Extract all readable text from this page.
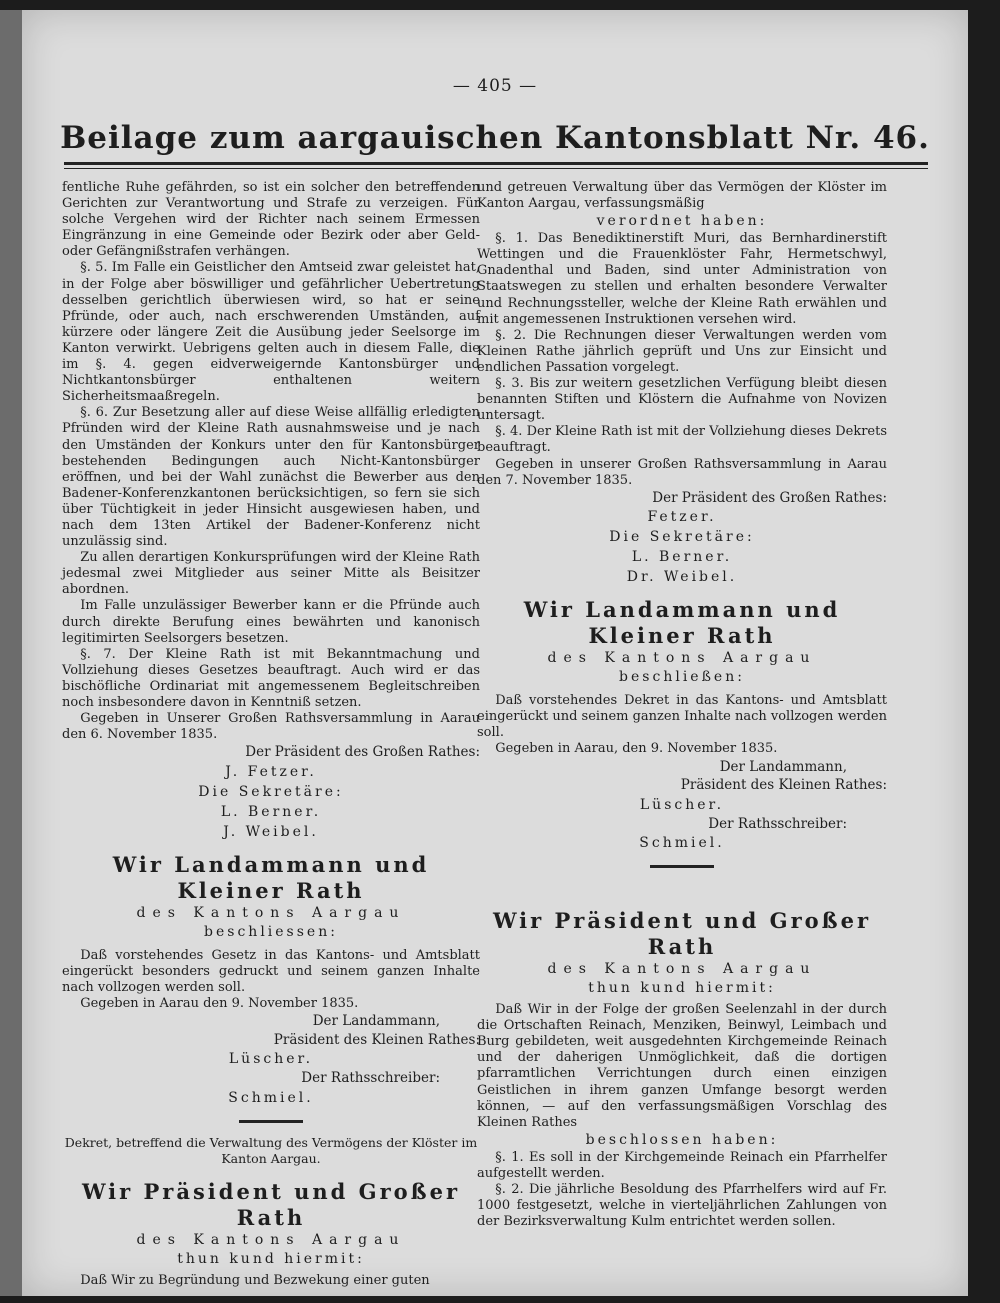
— 405 —
Beilage zum aargauischen Kantonsblatt Nr. 46.

fentliche Ruhe gefährden, so ist ein solcher den betreffenden Gerichten zur Verantwortung und Strafe zu verzeigen. Für solche Vergehen wird der Richter nach seinem Ermessen Eingränzung in eine Gemeinde oder Bezirk oder aber Geld- oder Gefängnißstrafen verhängen.

§. 5. Im Falle ein Geistlicher den Amtseid zwar geleistet hat, in der Folge aber böswilliger und gefährlicher Uebertretung desselben gerichtlich überwiesen wird, so hat er seine Pfründe, oder auch, nach erschwerenden Umständen, auf kürzere oder längere Zeit die Ausübung jeder Seelsorge im Kanton verwirkt. Uebrigens gelten auch in diesem Falle, die im §. 4. gegen eidverweigernde Kantonsbürger und Nichtkantonsbürger enthaltenen weitern Sicherheitsmaaßregeln.

§. 6. Zur Besetzung aller auf diese Weise allfällig erledigten Pfründen wird der Kleine Rath ausnahmsweise und je nach den Umständen der Konkurs unter den für Kantonsbürger bestehenden Bedingungen auch Nicht-Kantonsbürger eröffnen, und bei der Wahl zunächst die Bewerber aus den Badener-Konferenzkantonen berücksichtigen, so fern sie sich über Tüchtigkeit in jeder Hinsicht ausgewiesen haben, und nach dem 13ten Artikel der Badener-Konferenz nicht unzulässig sind.

Zu allen derartigen Konkursprüfungen wird der Kleine Rath jedesmal zwei Mitglieder aus seiner Mitte als Beisitzer abordnen.

Im Falle unzulässiger Bewerber kann er die Pfründe auch durch direkte Berufung eines bewährten und kanonisch legitimirten Seelsorgers besetzen.

§. 7. Der Kleine Rath ist mit Bekanntmachung und Vollziehung dieses Gesetzes beauftragt. Auch wird er das bischöfliche Ordinariat mit angemessenem Begleitschreiben noch insbesondere davon in Kenntniß setzen.

Gegeben in Unserer Großen Rathsversammlung in Aarau den 6. November 1835.

Der Präsident des Großen Rathes:

J. Fetzer.

Die Sekretäre:

L. Berner.

J. Weibel.

Wir Landammann und Kleiner Rath

des Kantons Aargau

beschliessen:

Daß vorstehendes Gesetz in das Kantons- und Amtsblatt eingerückt besonders gedruckt und seinem ganzen Inhalte nach vollzogen werden soll.

Gegeben in Aarau den 9. November 1835.

Der Landammann,

Präsident des Kleinen Rathes:

Lüscher.

Der Rathsschreiber:

Schmiel.

Dekret, betreffend die Verwaltung des Vermögens der Klöster im Kanton Aargau.

Wir Präsident und Großer Rath

des Kantons Aargau

thun kund hiermit:

Daß Wir zu Begründung und Bezwekung einer guten

und getreuen Verwaltung über das Vermögen der Klöster im Kanton Aargau, verfassungsmäßig

verordnet haben:

§. 1. Das Benediktinerstift Muri, das Bernhardinerstift Wettingen und die Frauenklöster Fahr, Hermetschwyl, Gnadenthal und Baden, sind unter Administration von Staatswegen zu stellen und erhalten besondere Verwalter und Rechnungssteller, welche der Kleine Rath erwählen und mit angemessenen Instruktionen versehen wird.

§. 2. Die Rechnungen dieser Verwaltungen werden vom Kleinen Rathe jährlich geprüft und Uns zur Einsicht und endlichen Passation vorgelegt.

§. 3. Bis zur weitern gesetzlichen Verfügung bleibt diesen benannten Stiften und Klöstern die Aufnahme von Novizen untersagt.

§. 4. Der Kleine Rath ist mit der Vollziehung dieses Dekrets beauftragt.

Gegeben in unserer Großen Rathsversammlung in Aarau den 7. November 1835.

Der Präsident des Großen Rathes:

Fetzer.

Die Sekretäre:

L. Berner.

Dr. Weibel.

Wir Landammann und Kleiner Rath

des Kantons Aargau

beschließen:

Daß vorstehendes Dekret in das Kantons- und Amtsblatt eingerückt und seinem ganzen Inhalte nach vollzogen werden soll.

Gegeben in Aarau, den 9. November 1835.

Der Landammann,

Präsident des Kleinen Rathes:

Lüscher.

Der Rathsschreiber:

Schmiel.

Wir Präsident und Großer Rath

des Kantons Aargau

thun kund hiermit:

Daß Wir in der Folge der großen Seelenzahl in der durch die Ortschaften Reinach, Menziken, Beinwyl, Leimbach und Burg gebildeten, weit ausgedehnten Kirchgemeinde Reinach und der daherigen Unmöglichkeit, daß die dortigen pfarramtlichen Verrichtungen durch einen einzigen Geistlichen in ihrem ganzen Umfange besorgt werden können, — auf den verfassungsmäßigen Vorschlag des Kleinen Rathes

beschlossen haben:

§. 1. Es soll in der Kirchgemeinde Reinach ein Pfarrhelfer aufgestellt werden.

§. 2. Die jährliche Besoldung des Pfarrhelfers wird auf Fr. 1000 festgesetzt, welche in vierteljährlichen Zahlungen von der Bezirksverwaltung Kulm entrichtet werden sollen.
